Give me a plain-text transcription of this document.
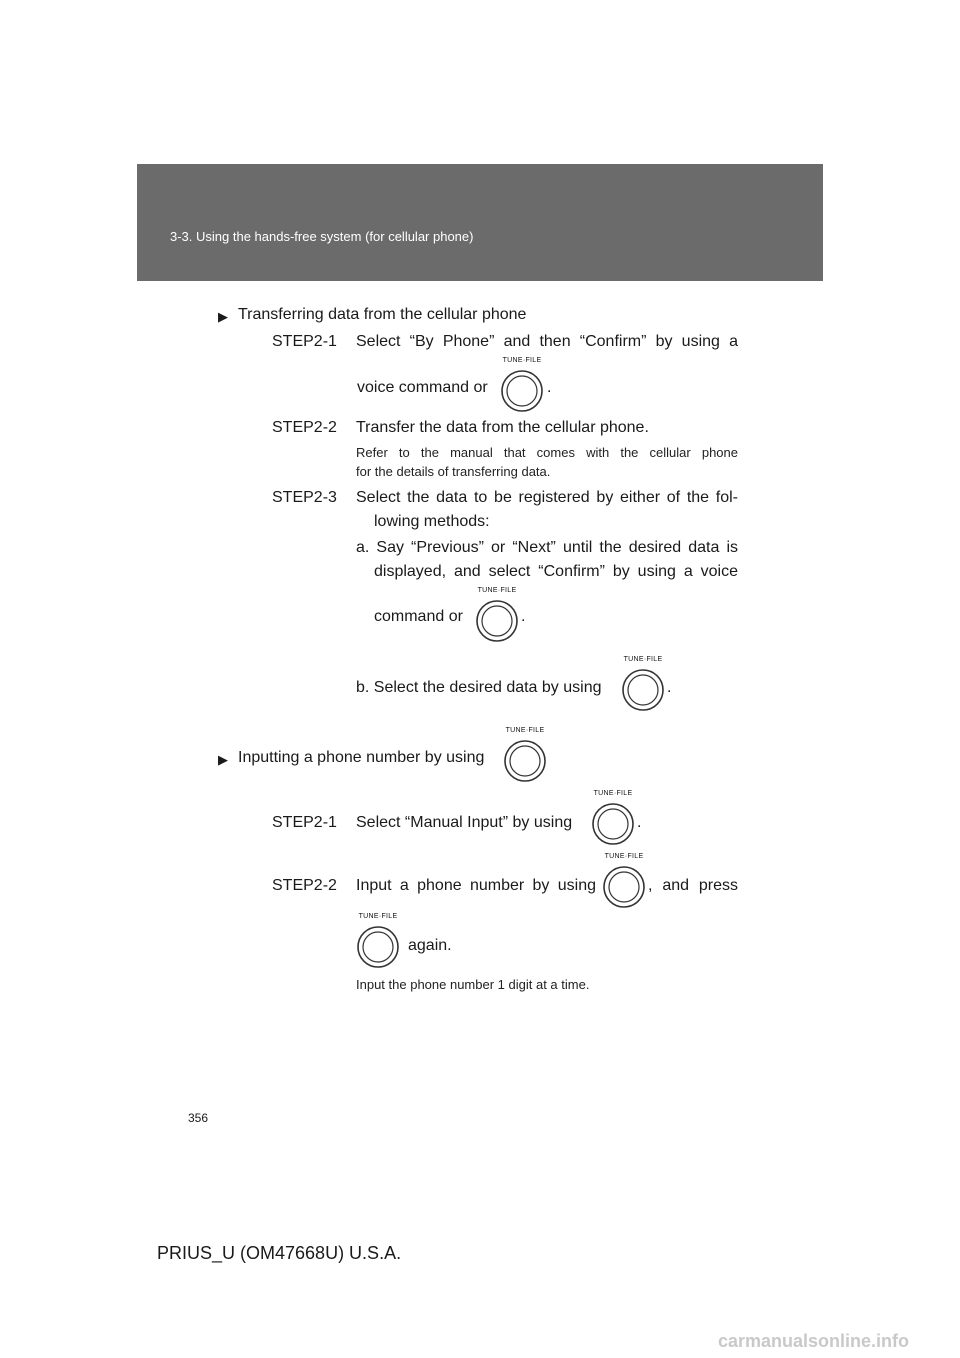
3-3. Using the hands-free system (for cellular phone)
▶ Transferring data from the cellular phone
STEP2-1 Select “By Phone” and then “Confirm” by using a
voice command or
TUNE·FILE
.
STEP2-2 Transfer the data from the cellular phone.
Refer to the manual that comes with the cellular phone
for the details of transferring data.
STEP2-3 Select the data to be registered by either of the fol-
lowing methods:
a. Say “Previous” or “Next” until the desired data is
displayed, and select “Confirm” by using a voice
command or
TUNE·FILE
.
b. Select the desired data by using
TUNE·FILE
.
▶ Inputting a phone number by using
TUNE·FILE
STEP2-1 Select “Manual Input” by using
TUNE·FILE
.
STEP2-2 Input a phone number by using
TUNE·FILE
, and press
TUNE·FILE
again.
Input the phone number 1 digit at a time.
356
PRIUS_U (OM47668U) U.S.A.
carmanualsonline.info
